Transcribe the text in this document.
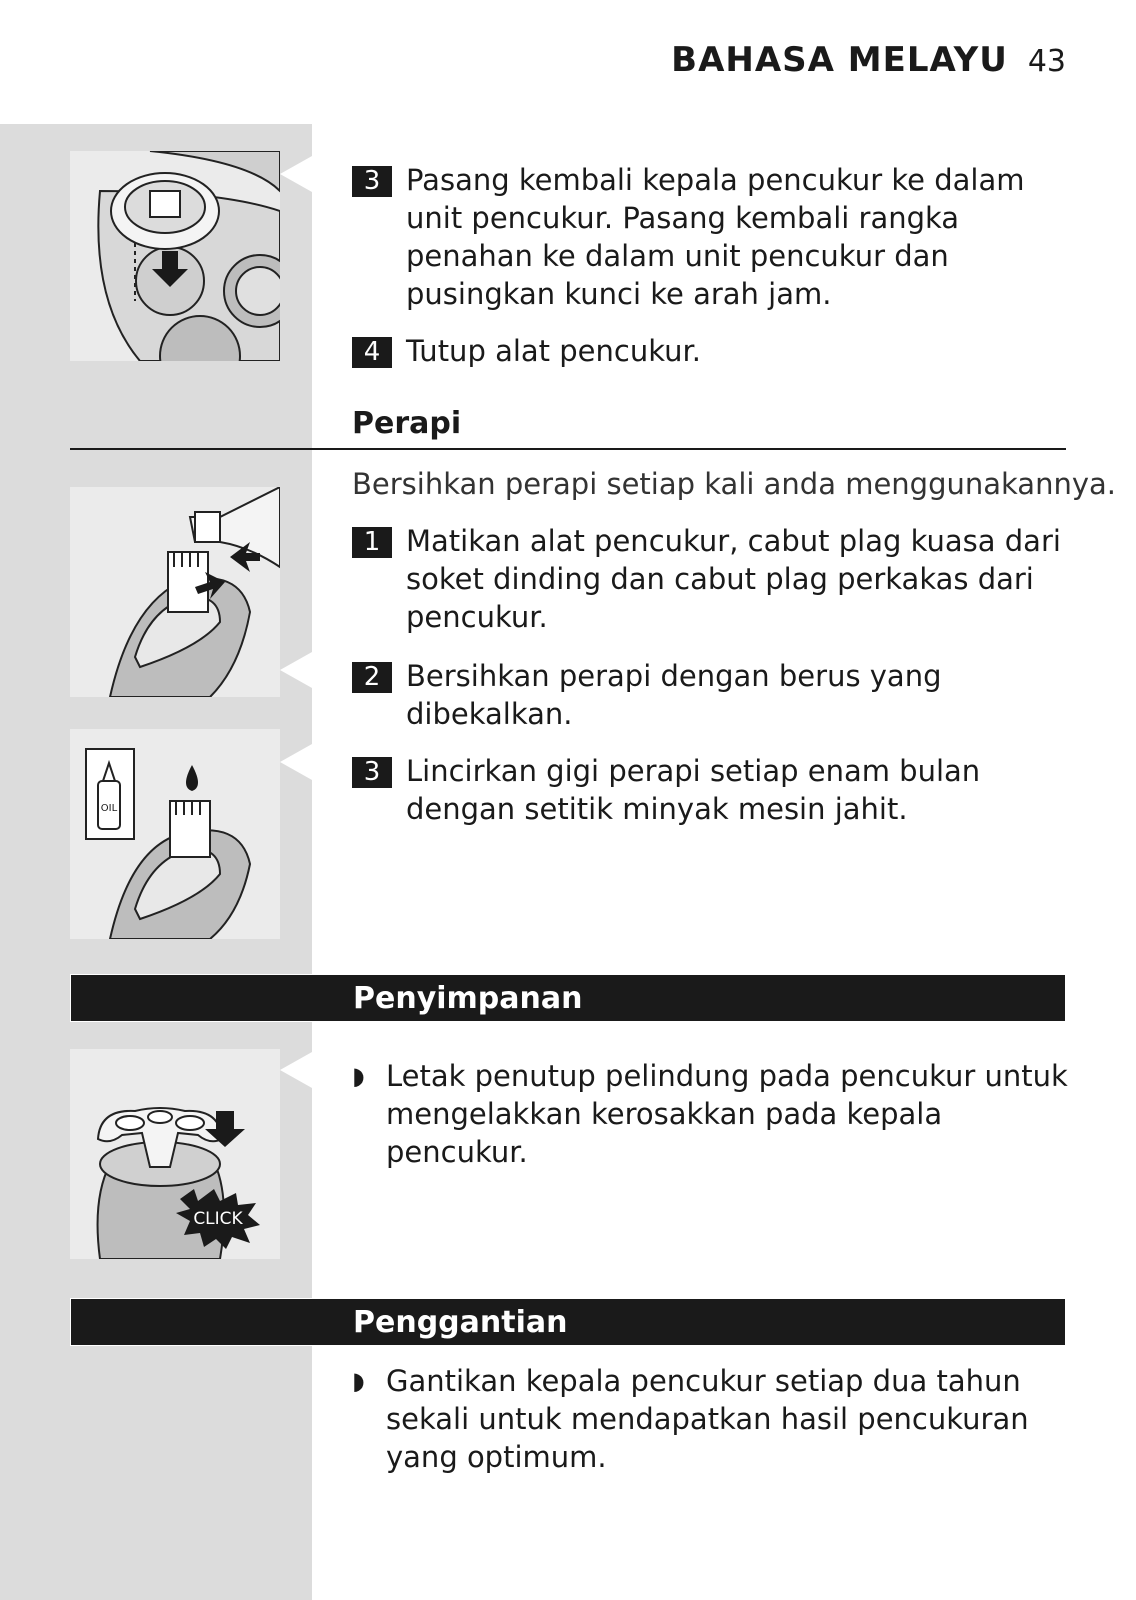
BAHASA MELAYU 43
OIL
CLICK
3 Pasang kembali kepala pencukur ke dalam unit pencukur. Pasang kembali rangka penahan ke dalam unit pencukur dan pusingkan kunci ke arah jam.
4 Tutup alat pencukur.
Perapi
Bersihkan perapi setiap kali anda menggunakannya.
1 Matikan alat pencukur, cabut plag kuasa dari soket dinding dan cabut plag perkakas dari pencukur.
2 Bersihkan perapi dengan berus yang dibekalkan.
3 Lincirkan gigi perapi setiap enam bulan dengan setitik minyak mesin jahit.
Penyimpanan
◗ Letak penutup pelindung pada pencukur untuk mengelakkan kerosakkan pada kepala pencukur.
Penggantian
◗ Gantikan kepala pencukur setiap dua tahun sekali untuk mendapatkan hasil pencukuran yang optimum.
